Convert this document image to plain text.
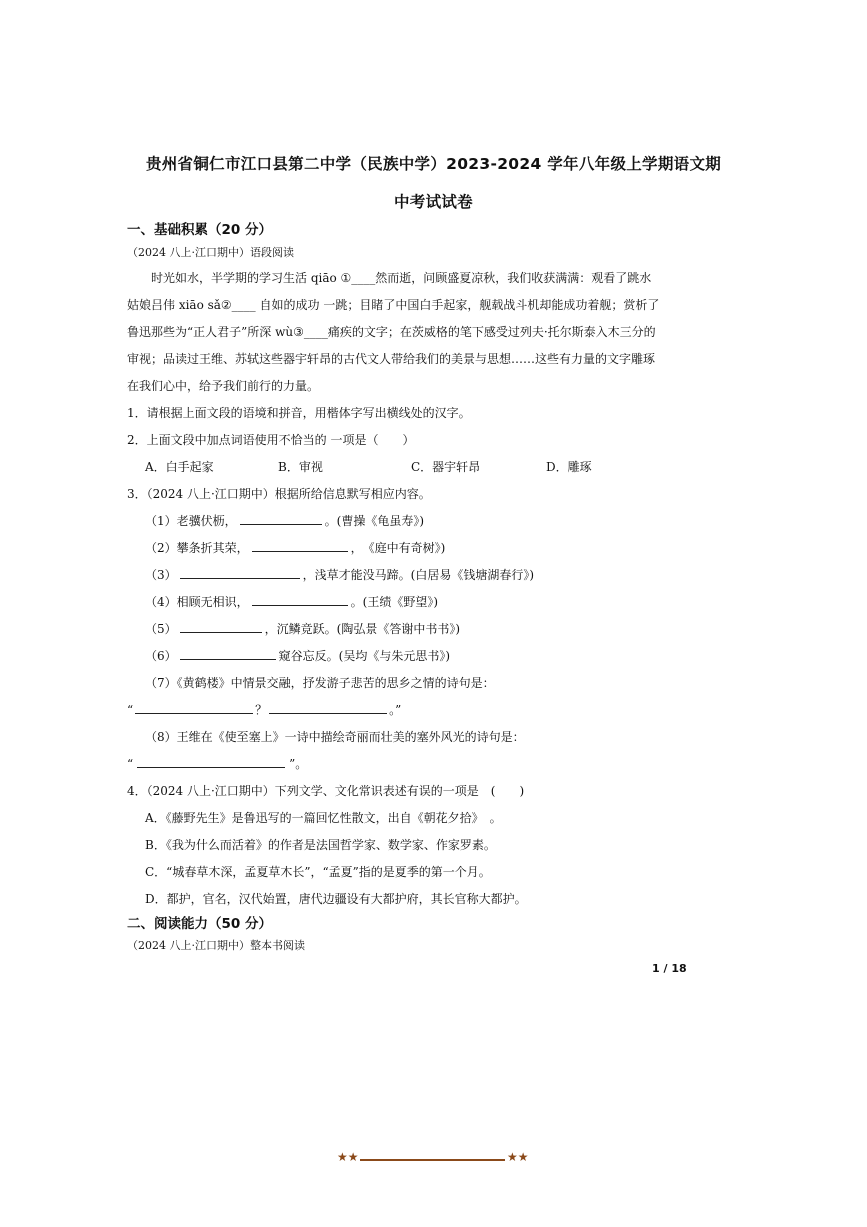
贵州省铜仁市江口县第二中学（民族中学）2023-2024 学年八年级上学期语文期
中考试试卷
一、基础积累（20 分）
（2024 八上·江口期中）语段阅读
时光如水，半学期的学习生活 qiāo ①____然而逝，问顾盛夏凉秋，我们收获满满：观看了跳水
姑娘吕伟 xiāo sǎ②____ 自如的成功 一跳；目睹了中国白手起家，舰载战斗机却能成功着舰；赏析了
鲁迅那些为“正人君子”所深 wù③____痛疾的文字；在茨威格的笔下感受过列夫·托尔斯泰入木三分的
审视；品读过王维、苏轼这些器宇轩昂的古代文人带给我们的美景与思想……这些有力量的文字雕琢
在我们心中，给予我们前行的力量。
1．请根据上面文段的语境和拼音，用楷体字写出横线处的汉字。
2．上面文段中加点词语使用不恰当的 一项是（　　）
A．白手起家	B．审视	C．器宇轩昂	D．雕琢
3．（2024 八上·江口期中）根据所给信息默写相应内容。
（1）老骥伏枥，	。(曹操《龟虽寿》)
（2）攀条折其荣，	，　《庭中有奇树》)
（3）	，浅草才能没马蹄。(白居易《钱塘湖春行》)
（4）相顾无相识，	。(王绩《野望》)
（5）	，沉鳞竞跃。(陶弘景《答谢中书书》)
（6）	窥谷忘反。(吴均《与朱元思书》)
（7）《黄鹤楼》中情景交融，抒发游子悲苦的思乡之情的诗句是：
“	？	。”
（8）王维在《使至塞上》一诗中描绘奇丽而壮美的塞外风光的诗句是：
“	”。
4．（2024 八上·江口期中）下列文学、文化常识表述有误的一项是　(　　)
A．《藤野先生》是鲁迅写的一篇回忆性散文，出自《朝花夕拾》　。
B．《我为什么而活着》的作者是法国哲学家、数学家、作家罗素。
C．“城春草木深，孟夏草木长”，“孟夏”指的是夏季的第一个月。
D．都护，官名，汉代始置，唐代边疆设有大都护府，其长官称大都护。
二、阅读能力（50 分）
（2024 八上·江口期中）整本书阅读
1 / 18
★★	★★
